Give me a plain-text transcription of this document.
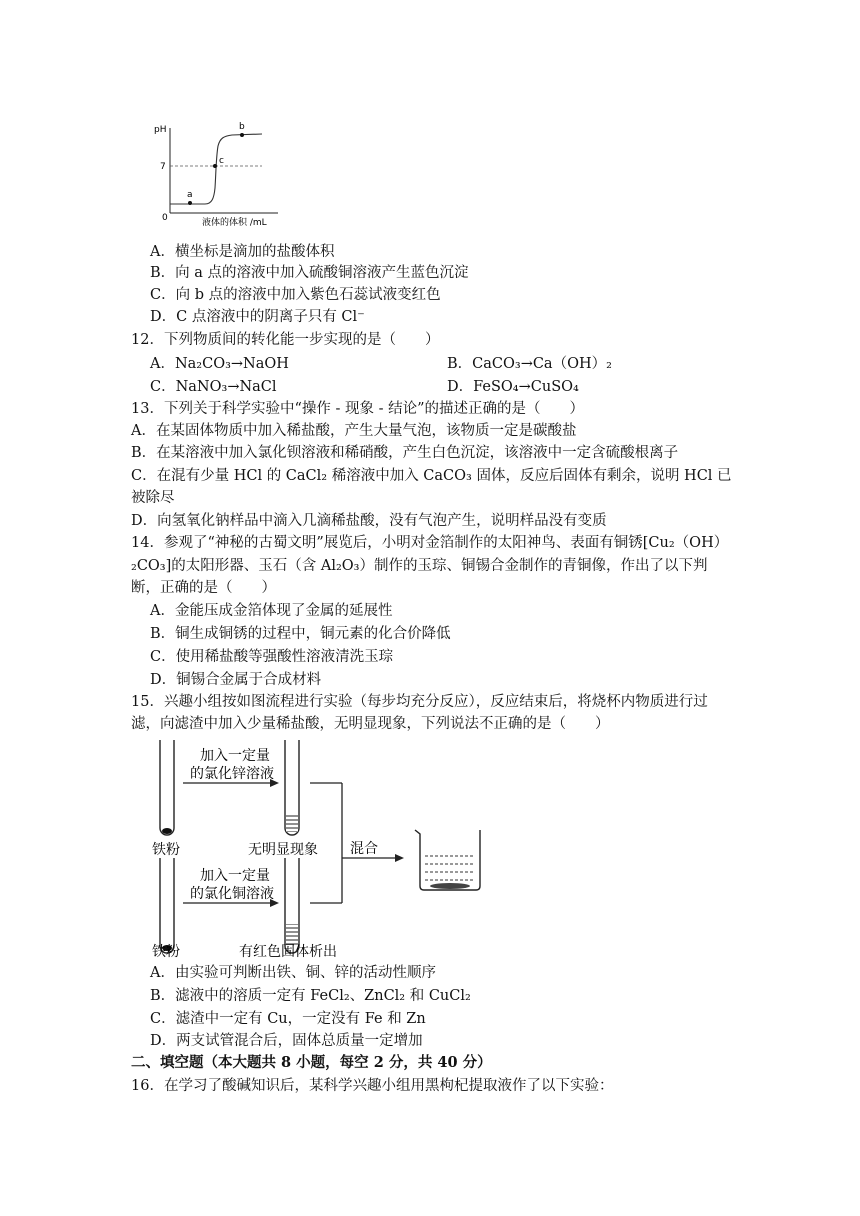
pH
7
0
a
b
c
液体的体积 /mL
A．横坐标是滴加的盐酸体积
B．向 a 点的溶液中加入硫酸铜溶液产生蓝色沉淀
C．向 b 点的溶液中加入紫色石蕊试液变红色
D．C 点溶液中的阴离子只有 Cl⁻
12．下列物质间的转化能一步实现的是（　　）
A．Na₂CO₃→NaOH	B．CaCO₃→Ca（OH）₂
C．NaNO₃→NaCl	D．FeSO₄→CuSO₄
13．下列关于科学实验中“操作 - 现象 - 结论”的描述正确的是（　　）
A．在某固体物质中加入稀盐酸，产生大量气泡，该物质一定是碳酸盐
B．在某溶液中加入氯化钡溶液和稀硝酸，产生白色沉淀，该溶液中一定含硫酸根离子
C．在混有少量 HCl 的 CaCl₂ 稀溶液中加入 CaCO₃ 固体，反应后固体有剩余，说明 HCl 已
被除尽
D．向氢氧化钠样品中滴入几滴稀盐酸，没有气泡产生，说明样品没有变质
14．参观了“神秘的古蜀文明”展览后，小明对金箔制作的太阳神鸟、表面有铜锈[Cu₂（OH）
₂CO₃]的太阳形器、玉石（含 Al₂O₃）制作的玉琮、铜锡合金制作的青铜像，作出了以下判
断，正确的是（　　）
A．金能压成金箔体现了金属的延展性
B．铜生成铜锈的过程中，铜元素的化合价降低
C．使用稀盐酸等强酸性溶液清洗玉琮
D．铜锡合金属于合成材料
15．兴趣小组按如图流程进行实验（每步均充分反应），反应结束后，将烧杯内物质进行过
滤，向滤渣中加入少量稀盐酸，无明显现象，下列说法不正确的是（　　）
加入一定量
的氯化锌溶液
铁粉	无明显现象 混合
加入一定量
的氯化铜溶液
铁粉	有红色固体析出
A．由实验可判断出铁、铜、锌的活动性顺序
B．滤液中的溶质一定有 FeCl₂、ZnCl₂ 和 CuCl₂
C．滤渣中一定有 Cu，一定没有 Fe 和 Zn
D．两支试管混合后，固体总质量一定增加
二、填空题（本大题共 8 小题，每空 2 分，共 40 分）
16．在学习了酸碱知识后，某科学兴趣小组用黑枸杞提取液作了以下实验：
